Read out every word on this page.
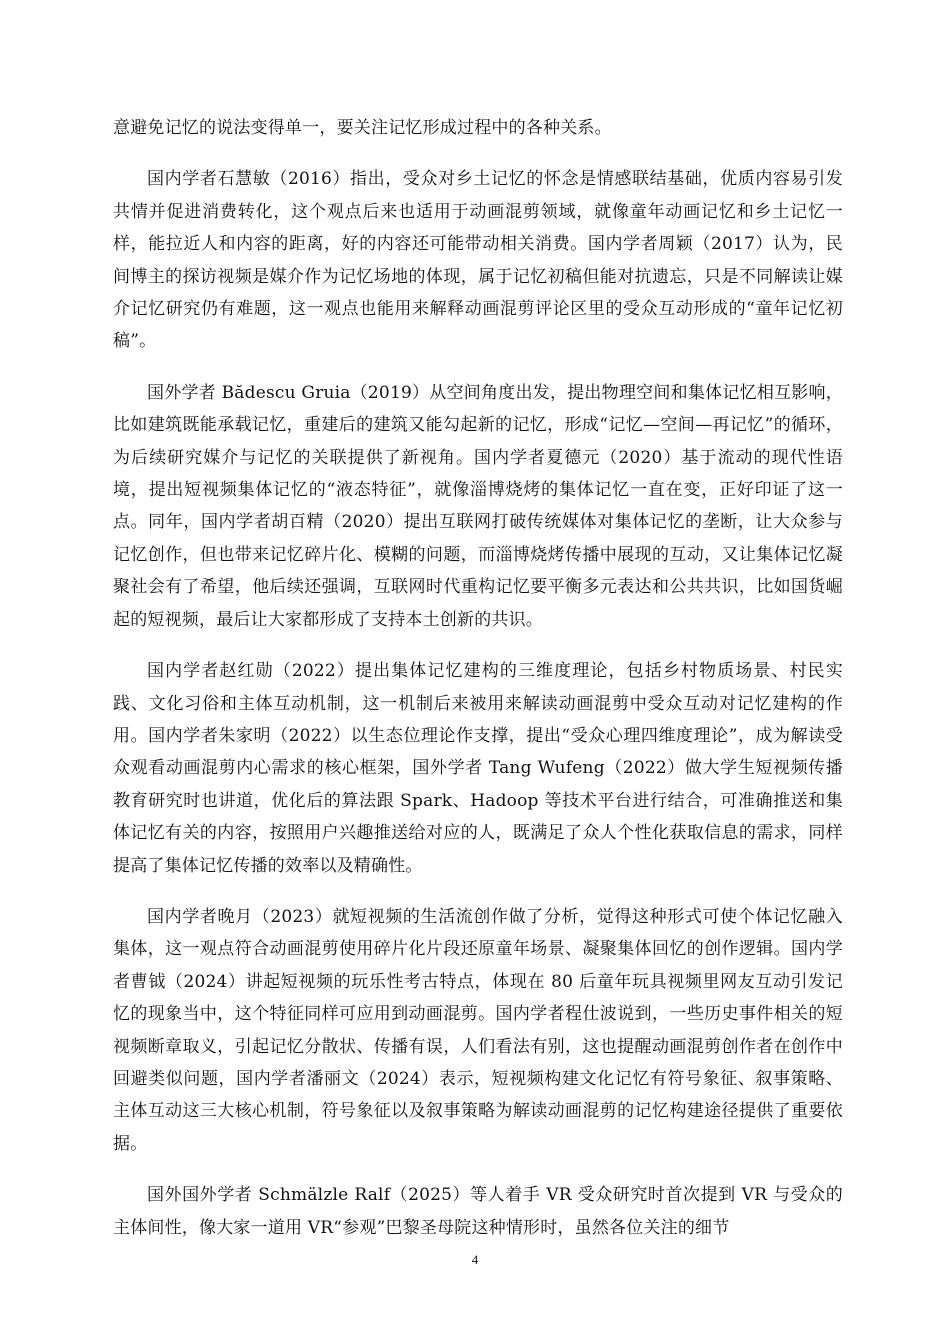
意避免记忆的说法变得单一，要关注记忆形成过程中的各种关系。

国内学者石慧敏（2016）指出，受众对乡土记忆的怀念是情感联结基础，优质内容易引发共情并促进消费转化，这个观点后来也适用于动画混剪领域，就像童年动画记忆和乡土记忆一样，能拉近人和内容的距离，好的内容还可能带动相关消费。国内学者周颖（2017）认为，民间博主的探访视频是媒介作为记忆场地的体现，属于记忆初稿但能对抗遗忘，只是不同解读让媒介记忆研究仍有难题，这一观点也能用来解释动画混剪评论区里的受众互动形成的“童年记忆初稿”。

国外学者 Bădescu Gruia（2019）从空间角度出发，提出物理空间和集体记忆相互影响，比如建筑既能承载记忆，重建后的建筑又能勾起新的记忆，形成“记忆—空间—再记忆”的循环，为后续研究媒介与记忆的关联提供了新视角。国内学者夏德元（2020）基于流动的现代性语境，提出短视频集体记忆的“液态特征”，就像淄博烧烤的集体记忆一直在变，正好印证了这一点。同年，国内学者胡百精（2020）提出互联网打破传统媒体对集体记忆的垄断，让大众参与记忆创作，但也带来记忆碎片化、模糊的问题，而淄博烧烤传播中展现的互动，又让集体记忆凝聚社会有了希望，他后续还强调，互联网时代重构记忆要平衡多元表达和公共共识，比如国货崛起的短视频，最后让大家都形成了支持本土创新的共识。

国内学者赵红勋（2022）提出集体记忆建构的三维度理论，包括乡村物质场景、村民实践、文化习俗和主体互动机制，这一机制后来被用来解读动画混剪中受众互动对记忆建构的作用。国内学者朱家明（2022）以生态位理论作支撑，提出“受众心理四维度理论”，成为解读受众观看动画混剪内心需求的核心框架，国外学者 Tang Wufeng（2022）做大学生短视频传播教育研究时也讲道，优化后的算法跟 Spark、Hadoop 等技术平台进行结合，可准确推送和集体记忆有关的内容，按照用户兴趣推送给对应的人，既满足了众人个性化获取信息的需求，同样提高了集体记忆传播的效率以及精确性。

国内学者晚月（2023）就短视频的生活流创作做了分析，觉得这种形式可使个体记忆融入集体，这一观点符合动画混剪使用碎片化片段还原童年场景、凝聚集体回忆的创作逻辑。国内学者曹钺（2024）讲起短视频的玩乐性考古特点，体现在 80 后童年玩具视频里网友互动引发记忆的现象当中，这个特征同样可应用到动画混剪。国内学者程仕波说到，一些历史事件相关的短视频断章取义，引起记忆分散状、传播有误，人们看法有别，这也提醒动画混剪创作者在创作中回避类似问题，国内学者潘丽文（2024）表示，短视频构建文化记忆有符号象征、叙事策略、主体互动这三大核心机制，符号象征以及叙事策略为解读动画混剪的记忆构建途径提供了重要依据。

国外国外学者 Schmälzle Ralf（2025）等人着手 VR 受众研究时首次提到 VR 与受众的主体间性，像大家一道用 VR“参观”巴黎圣母院这种情形时，虽然各位关注的细节

4
